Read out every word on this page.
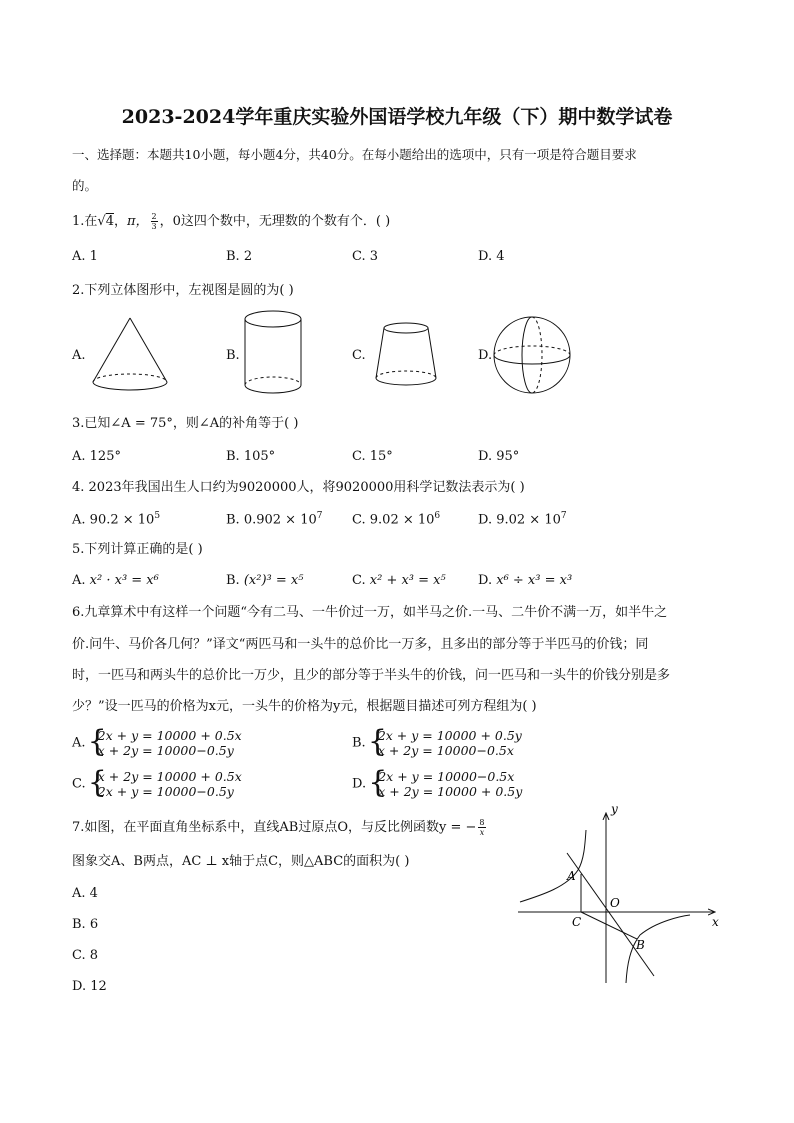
2023-2024学年重庆实验外国语学校九年级（下）期中数学试卷
一、选择题：本题共10小题，每小题4分，共40分。在每小题给出的选项中，只有一项是符合题目要求
的。
1.在√4，π， $\frac{2}{3}$ ，0这四个数中，无理数的个数有个．( )
A. 1	B. 2	C. 3	D. 4
2.下列立体图形中，左视图是圆的为( )
A.	B.	C.	D.
3.已知∠A = 75°，则∠A的补角等于( )
A. 125°	B. 105°	C. 15°	D. 95°
4. 2023年我国出生人口约为9020000人，将9020000用科学记数法表示为( )
A. $90.2 \times 10^5$	B. $0.902 \times 10^7$ C. $9.02 \times 10^6$	D. $9.02 \times 10^7$
5.下列计算正确的是( )
A. x² · x³ = x⁶	B. (x²)³ = x⁵	C. x² + x³ = x⁵ D. x⁶ ÷ x³ = x³
6.九章算术中有这样一个问题“今有二马、一牛价过一万，如半马之价.一马、二牛价不满一万，如半牛之
价.问牛、马价各几何？”译文“两匹马和一头牛的总价比一万多，且多出的部分等于半匹马的价钱；同
时，一匹马和两头牛的总价比一万少，且少的部分等于半头牛的价钱，问一匹马和一头牛的价钱分别是多
少？”设一匹马的价格为x元，一头牛的价格为y元，根据题目描述可列方程组为( )
A. { 2x + y = 10000 + 0.5x
x + 2y = 10000−0.5y	B. { 2x + y = 10000 + 0.5y
x + 2y = 10000−0.5x
C. { x + 2y = 10000 + 0.5x
2x + y = 10000−0.5y	D. { 2x + y = 10000−0.5x
x + 2y = 10000 + 0.5y
7.如图，在平面直角坐标系中，直线AB过原点O，与反比例函数y = − $\frac{8}{x}$
图象交A、B两点，AC ⊥ x轴于点C，则△ABC的面积为( )
A. 4
B. 6
C. 8
D. 12
y
x
O
A
C
B
